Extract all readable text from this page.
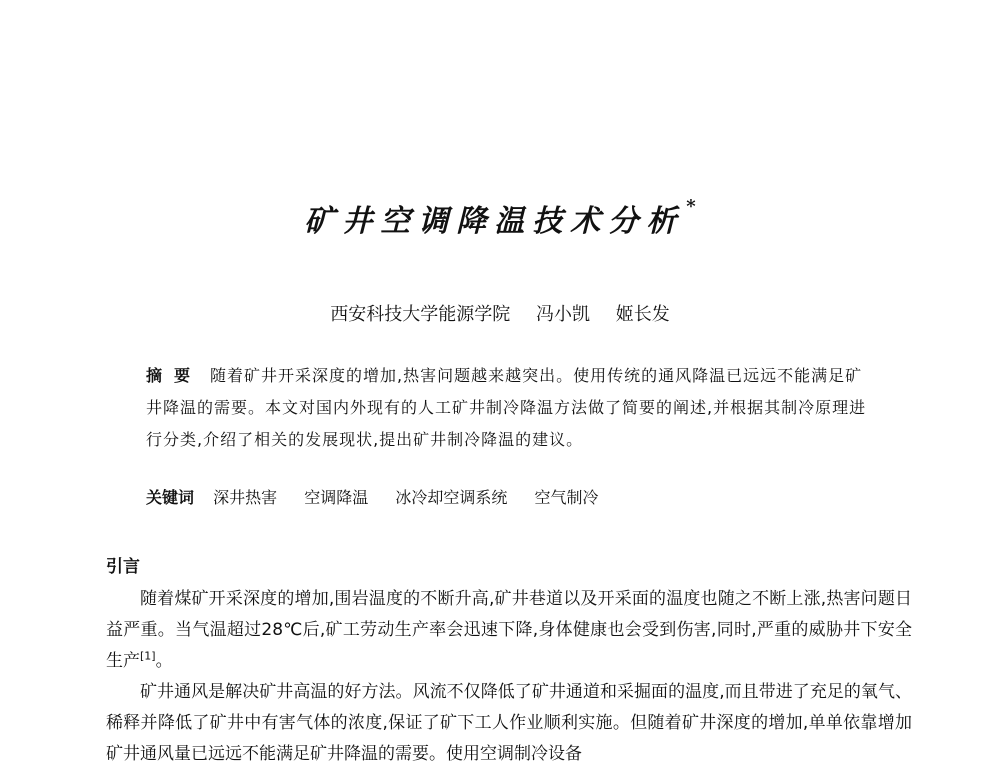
矿井空调降温技术分析 *
西安科技大学能源学院 冯小凯 姬长发
摘要 随着矿井开采深度的增加,热害问题越来越突出。使用传统的通风降温已远远不能满足矿井降温的需要。本文对国内外现有的人工矿井制冷降温方法做了简要的阐述,并根据其制冷原理进行分类,介绍了相关的发展现状,提出矿井制冷降温的建议。
关键词 深井热害 空调降温 冰冷却空调系统 空气制冷
引言

随着煤矿开采深度的增加,围岩温度的不断升高,矿井巷道以及开采面的温度也随之不断上涨,热害问题日益严重。当气温超过28℃后,矿工劳动生产率会迅速下降,身体健康也会受到伤害,同时,严重的威胁井下安全生产[1]。

矿井通风是解决矿井高温的好方法。风流不仅降低了矿井通道和采掘面的温度,而且带进了充足的氧气、稀释并降低了矿井中有害气体的浓度,保证了矿下工人作业顺利实施。但随着矿井深度的增加,单单依靠增加矿井通风量已远远不能满足矿井降温的需要。使用空调制冷设备
